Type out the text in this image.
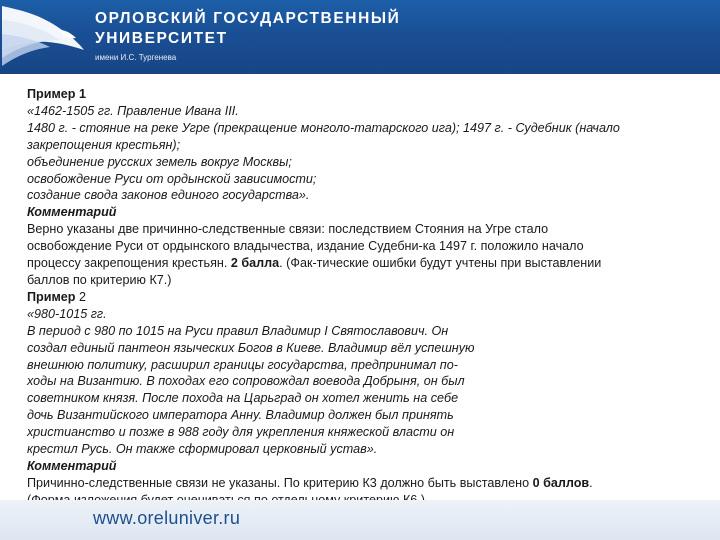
ОРЛОВСКИЙ ГОСУДАРСТВЕННЫЙ
УНИВЕРСИТЕТ
имени И.С. Тургенева
Пример 1
«1462-1505 гг. Правление Ивана III.
1480 г. - стояние на реке Угре (прекращение монголо-татарского ига); 1497 г. - Судебник (начало
закрепощения крестьян);
объединение русских земель вокруг Москвы;
освобождение Руси от ордынской зависимости;
создание свода законов единого государства».
Комментарий
Верно указаны две причинно-следственные связи: последствием Стояния на Угре стало
освобождение Руси от ордынского владычества, издание Судебни-ка 1497 г. положило начало
процессу закрепощения крестьян. 2 балла. (Фак-тические ошибки будут учтены при выставлении
баллов по критерию К7.)
Пример 2
«980-1015 гг.
В период с 980 по 1015 на Руси правил Владимир I Святославович. Он
создал единый пантеон языческих Богов в Киеве. Владимир вёл успешную
внешнюю политику, расширил границы государства, предпринимал по-
ходы на Византию. В походах его сопровождал воевода Добрыня, он был
советником князя. После похода на Царьград он хотел женить на себе
дочь Византийского императора Анну. Владимир должен был принять
христианство и позже в 988 году для укрепления княжеской власти он
крестил Русь. Он также сформировал церковный устав».
Комментарий
Причинно-следственные связи не указаны. По критерию К3 должно быть выставлено 0 баллов.
www.oreluniver.ru
